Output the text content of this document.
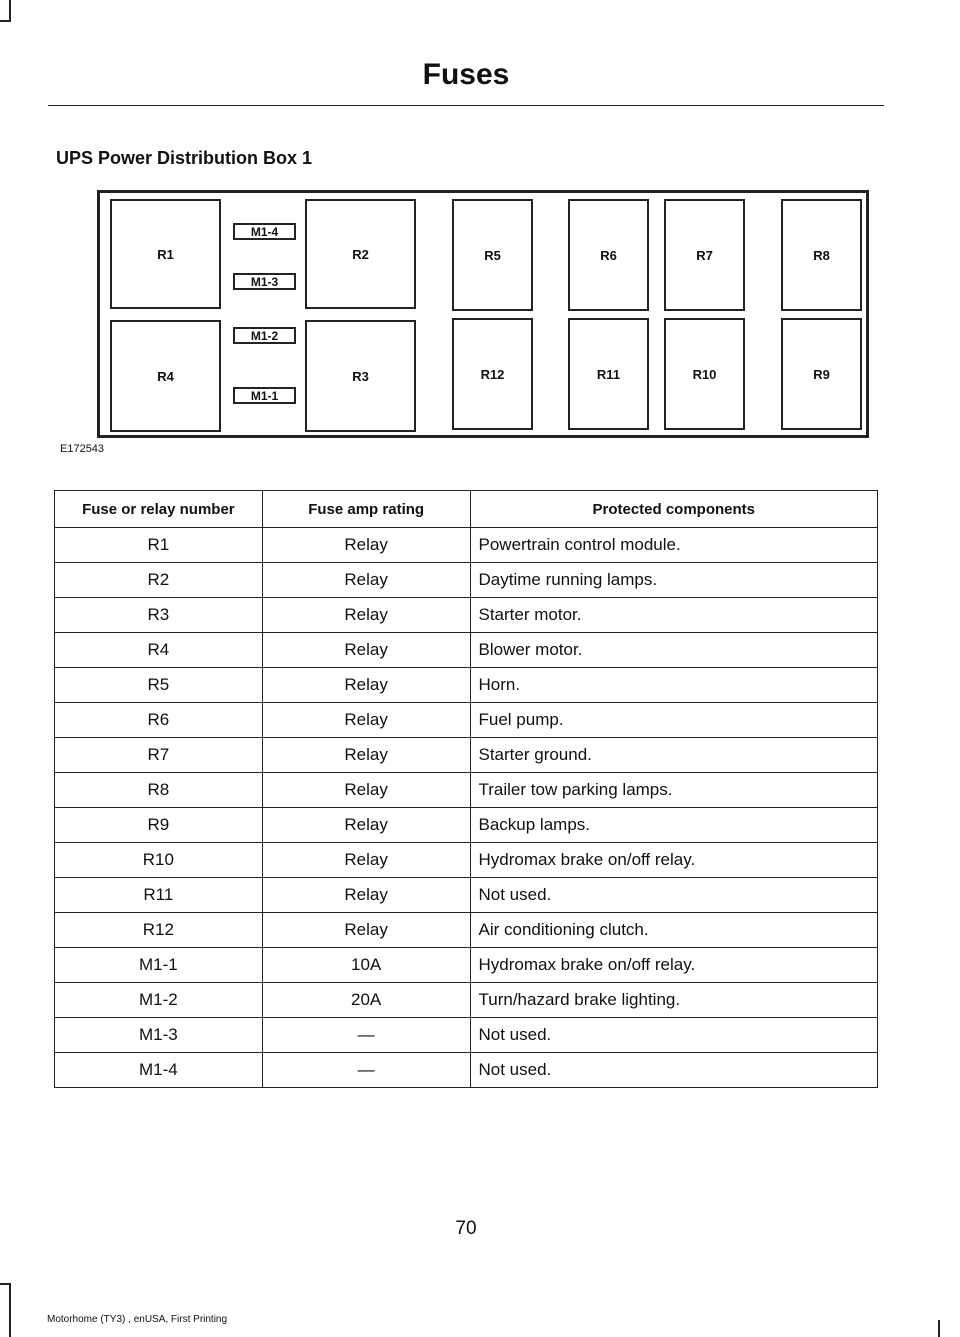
Fuses
UPS Power Distribution Box 1
R1
R4
M1-4
M1-3
M1-2
M1-1
R2
R3
R5
R12
R6
R11
R7
R10
R8
R9
E172543
Fuse or relay number	Fuse amp rating	Protected components
R1	Relay	Powertrain control module.
R2	Relay	Daytime running lamps.
R3	Relay	Starter motor.
R4	Relay	Blower motor.
R5	Relay	Horn.
R6	Relay	Fuel pump.
R7	Relay	Starter ground.
R8	Relay	Trailer tow parking lamps.
R9	Relay	Backup lamps.
R10	Relay	Hydromax brake on/off relay.
R11	Relay	Not used.
R12	Relay	Air conditioning clutch.
M1-1	10A	Hydromax brake on/off relay.
M1-2	20A	Turn/hazard brake lighting.
M1-3	—	Not used.
M1-4	—	Not used.
70
Motorhome (TY3) , enUSA, First Printing
